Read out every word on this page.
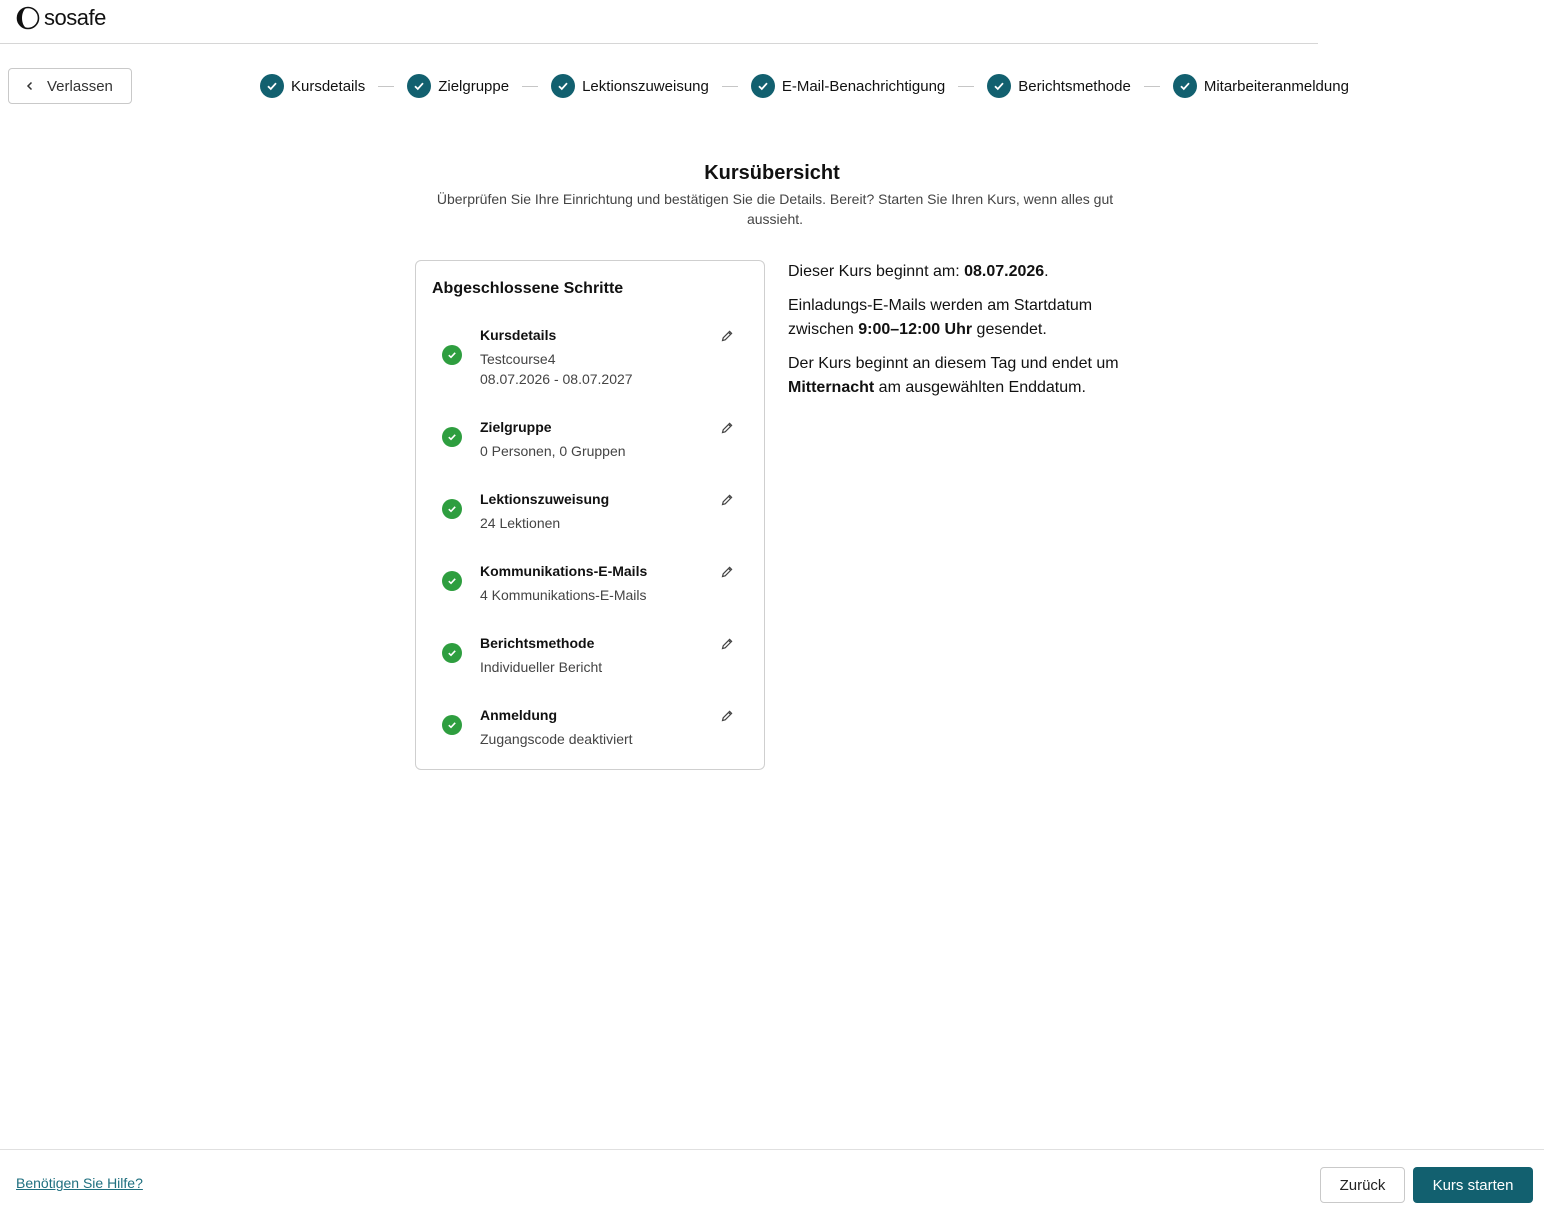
sosafe
Verlassen	Kursdetails	Zielgruppe	Lektionszuweisung	E-Mail-Benachrichtigung	Berichtsmethode	Mitarbeiteranmeldung
Kursübersicht

Überprüfen Sie Ihre Einrichtung und bestätigen Sie die Details. Bereit? Starten Sie Ihren Kurs, wenn alles gut aussieht.

Abgeschlossene Schritte
Kursdetails
Testcourse4
08.07.2026 - 08.07.2027
Zielgruppe
0 Personen, 0 Gruppen
Lektionszuweisung
24 Lektionen
Kommunikations-E-Mails
4 Kommunikations-E-Mails
Berichtsmethode
Individueller Bericht
Anmeldung
Zugangscode deaktiviert

Dieser Kurs beginnt am: 08.07.2026.

Einladungs-E-Mails werden am Startdatum zwischen 9:00–12:00 Uhr gesendet.

Der Kurs beginnt an diesem Tag und endet um Mitternacht am ausgewählten Enddatum.

Benötigen Sie Hilfe?	Zurück	Kurs starten
